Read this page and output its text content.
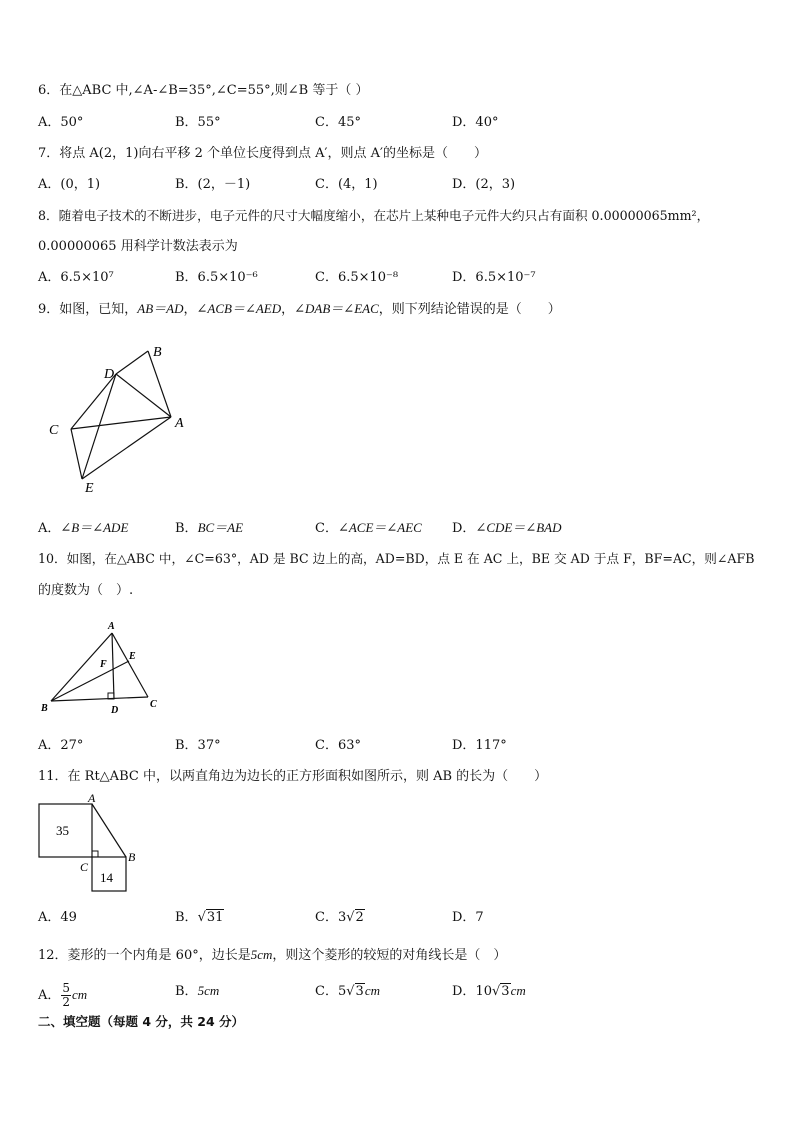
6．在△ABC 中,∠A-∠B=35°,∠C=55°,则∠B 等于（ ）
A．50°	B．55°	C．45°	D．40°
7．将点 A(2，1)向右平移 2 个单位长度得到点 A′，则点 A′的坐标是（　　）
A．(0，1)	B．(2，－1)	C．(4，1)	D．(2，3)
8．随着电子技术的不断进步，电子元件的尺寸大幅度缩小，在芯片上某种电子元件大约只占有面积 0.00000065mm²，
0.00000065 用科学计数法表示为
A．6.5×10⁷	B．6.5×10⁻⁶	C．6.5×10⁻⁸	D．6.5×10⁻⁷
9．如图，已知，AB＝AD，∠ACB＝∠AED，∠DAB＝∠EAC，则下列结论错误的是（　　）
B
D
C	A
E
A．∠B＝∠ADE	B．BC＝AE	C．∠ACE＝∠AEC D．∠CDE＝∠BAD
10．如图，在△ABC 中，∠C=63°，AD 是 BC 边上的高，AD=BD，点 E 在 AC 上，BE 交 AD 于点 F，BF=AC，则∠AFB
的度数为（　）.
A
E
F
B	D
C
A．27°	B．37°	C．63°	D．117°
11．在 Rt△ABC 中，以两直角边为边长的正方形面积如图所示，则 AB 的长为（　　）
A
B
C
35
14
A．49	B．√31	C．3√2	D．7
12．菱形的一个内角是 60°，边长是5cm，则这个菱形的较短的对角线长是（　）
A． $\frac{5}{2}$ cm	B．5cm	C．5√3cm	D．10√3cm
二、填空题（每题 4 分，共 24 分）
